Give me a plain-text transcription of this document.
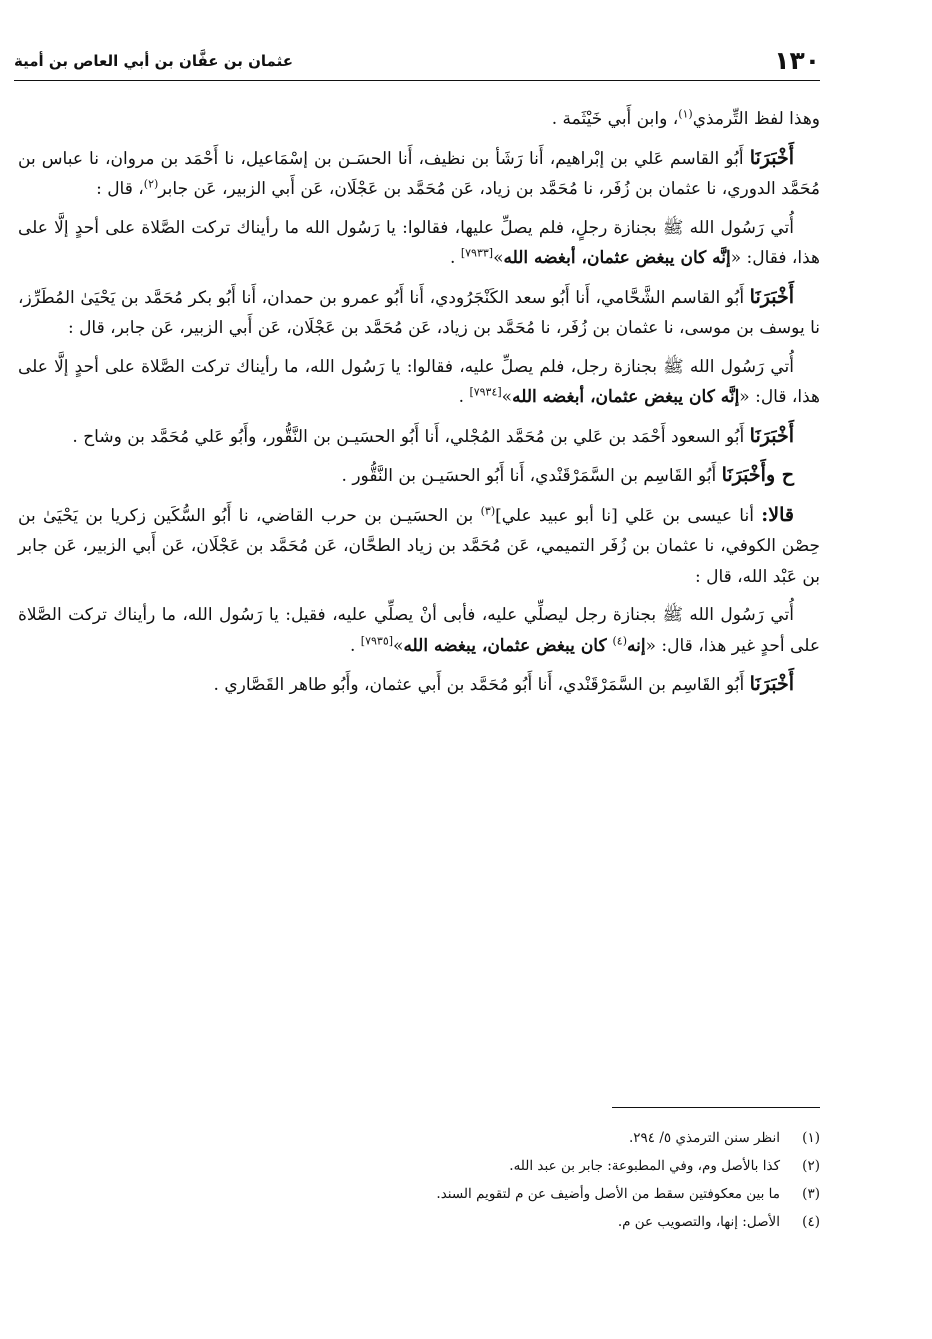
١٣٠
عثمان بن عفَّان بن أبي العاص بن أمية

وهذا لفظ التِّرمذي$^{(١)}$، وابن أَبي خَيْثَمة .

أَخْبَرَنَا أَبُو القاسم عَلي بن إبْراهيم، أَنا رَشَأ بن نظيف، أَنا الحسَـن بن إسْمَاعيل، نا أَحْمَد بن مروان، نا عباس بن مُحَمَّد الدوري، نا عثمان بن زُفَر، نا مُحَمَّد بن زياد، عَن مُحَمَّد بن عَجْلَان، عَن أَبي الزبير، عَن جابر$^{(٢)}$، قال :

أُتي رَسُول الله ﷺ بجنازة رجلٍ، فلم يصلِّ عليها، فقالوا: يا رَسُول الله ما رأيناك تركت الصَّلاة على أحدٍ إلَّا على هذا، فقال: «إنَّه كان يبغض عثمان، أبغضه الله»[٧٩٣٣] .

أَخْبَرَنَا أَبُو القاسم الشَّحَّامي، أَنا أَبُو سعد الكَنْجَرُودي، أَنا أَبُو عمرو بن حمدان، أَنا أَبُو بكر مُحَمَّد بن يَحْيَىٰ المُطَرِّز، نا يوسف بن موسى، نا عثمان بن زُفَر، نا مُحَمَّد بن زياد، عَن مُحَمَّد بن عَجْلَان، عَن أَبي الزبير، عَن جابر، قال :

أُتي رَسُول الله ﷺ بجنازة رجل، فلم يصلِّ عليه، فقالوا: يا رَسُول الله، ما رأيناك تركت الصَّلاة على أحدٍ إلَّا على هذا، قال: «إنَّه كان يبغض عثمان، أبغضه الله»[٧٩٣٤] .

أَخْبَرَنَا أَبُو السعود أَحْمَد بن عَلي بن مُحَمَّد المُجْلي، أَنا أَبُو الحسَيـن بن النَّقُّور، وأَبُو عَلي مُحَمَّد بن وشاح .

ح وأَخْبَرَنَا أَبُو القَاسِم بن السَّمَرْقَنْدي، أَنا أَبُو الحسَيـن بن النَّقُّور .

قالا: أنا عيسى بن عَلي [نا أبو عبيد علي]$^{(٣)}$ بن الحسَيـن بن حرب القاضي، نا أَبُو السُّكَين زكريا بن يَحْيَىٰ بن حِصْن الكوفي، نا عثمان بن زُفَر التميمي، عَن مُحَمَّد بن زياد الطحَّان، عَن مُحَمَّد بن عَجْلَان، عَن أَبي الزبير، عَن جابر بن عَبْد الله، قال :

أُتي رَسُول الله ﷺ بجنازة رجل ليصلِّي عليه، فأبى أنْ يصلِّي عليه، فقيل: يا رَسُول الله، ما رأيناك تركت الصَّلاة على أحدٍ غير هذا، قال: «إنه$^{(٤)}$ كان يبغض عثمان، يبغضه الله»[٧٩٣٥] .

أَخْبَرَنَا أَبُو القَاسِم بن السَّمَرْقَنْدي، أَنا أَبُو مُحَمَّد بن أَبي عثمان، وأَبُو طاهر القَصَّاري .

(١)
انظر سنن الترمذي ٥/ ٢٩٤.
(٢)
كذا بالأصل وم، وفي المطبوعة: جابر بن عبد الله.
(٣)
ما بين معكوفتين سقط من الأصل وأضيف عن م لتقويم السند.
(٤)
الأصل: إنها، والتصويب عن م.
